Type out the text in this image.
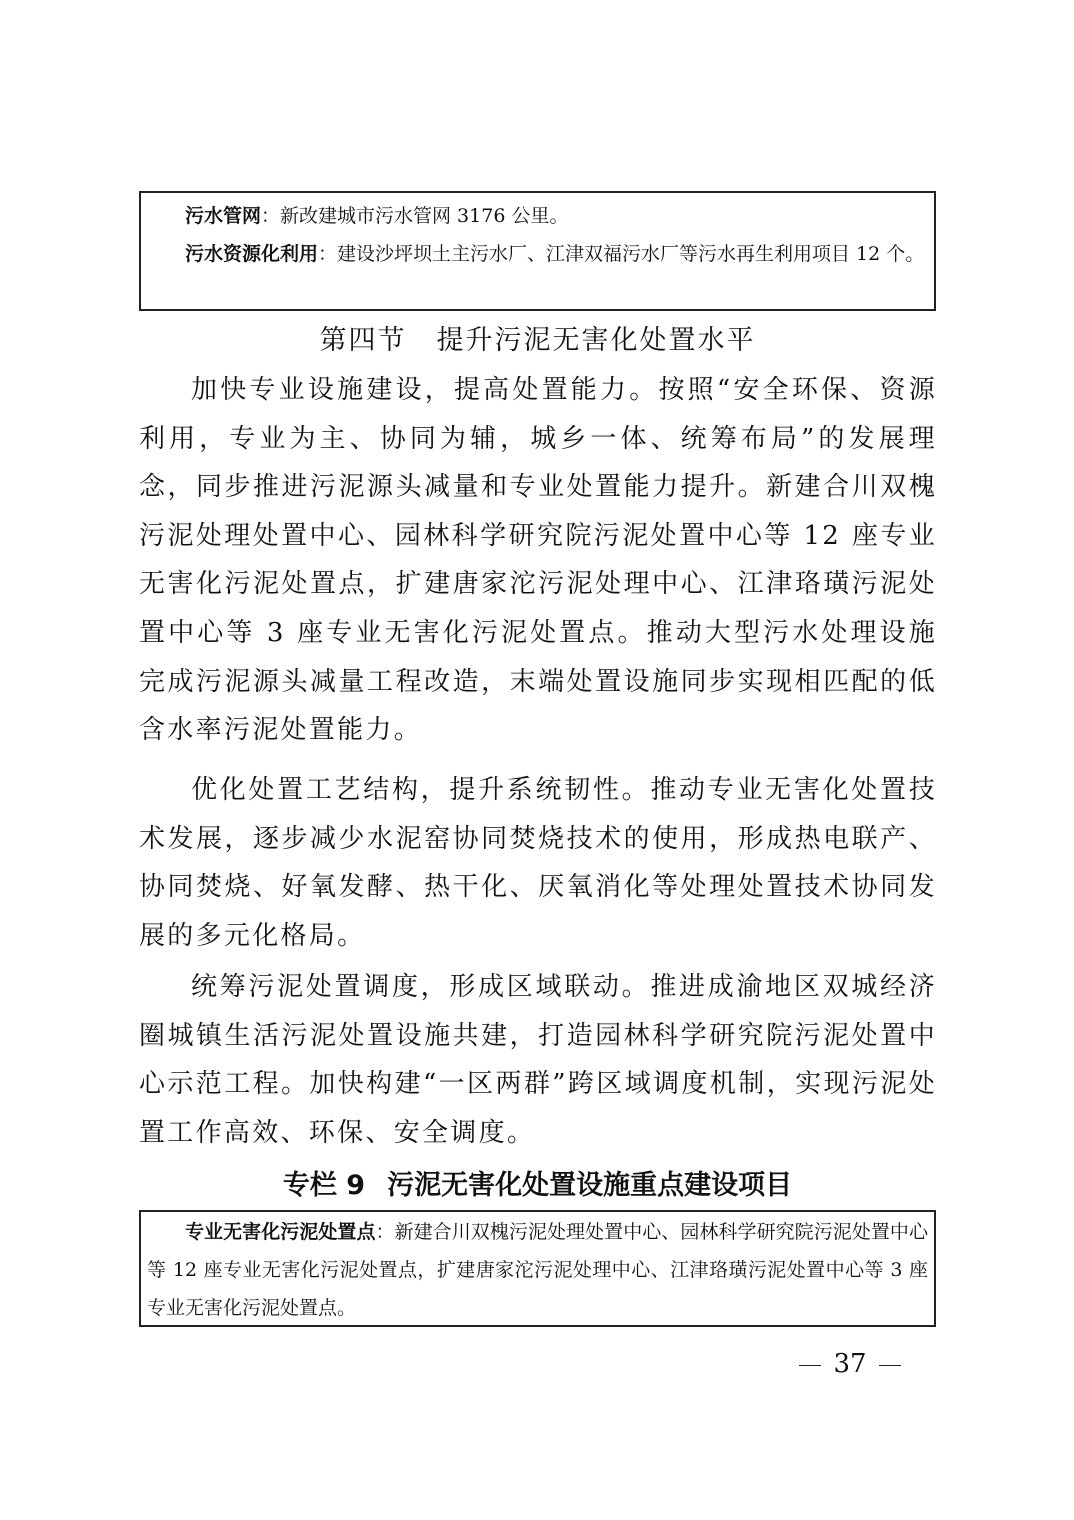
污水管网：新改建城市污水管网 3176 公里。

污水资源化利用：建设沙坪坝土主污水厂、江津双福污水厂等污水再生利用项目 12 个。

第四节 提升污泥无害化处置水平

加快专业设施建设，提高处置能力。按照“安全环保、资源利用，专业为主、协同为辅，城乡一体、统筹布局”的发展理念，同步推进污泥源头减量和专业处置能力提升。新建合川双槐污泥处理处置中心、园林科学研究院污泥处置中心等 12 座专业无害化污泥处置点，扩建唐家沱污泥处理中心、江津珞璜污泥处置中心等 3 座专业无害化污泥处置点。推动大型污水处理设施完成污泥源头减量工程改造，末端处置设施同步实现相匹配的低含水率污泥处置能力。

优化处置工艺结构，提升系统韧性。推动专业无害化处置技术发展，逐步减少水泥窑协同焚烧技术的使用，形成热电联产、协同焚烧、好氧发酵、热干化、厌氧消化等处理处置技术协同发展的多元化格局。

统筹污泥处置调度，形成区域联动。推进成渝地区双城经济圈城镇生活污泥处置设施共建，打造园林科学研究院污泥处置中心示范工程。加快构建“一区两群”跨区域调度机制，实现污泥处置工作高效、环保、安全调度。

专栏 9 污泥无害化处置设施重点建设项目

专业无害化污泥处置点：新建合川双槐污泥处理处置中心、园林科学研究院污泥处置中心等 12 座专业无害化污泥处置点，扩建唐家沱污泥处理中心、江津珞璜污泥处置中心等 3 座专业无害化污泥处置点。

37
